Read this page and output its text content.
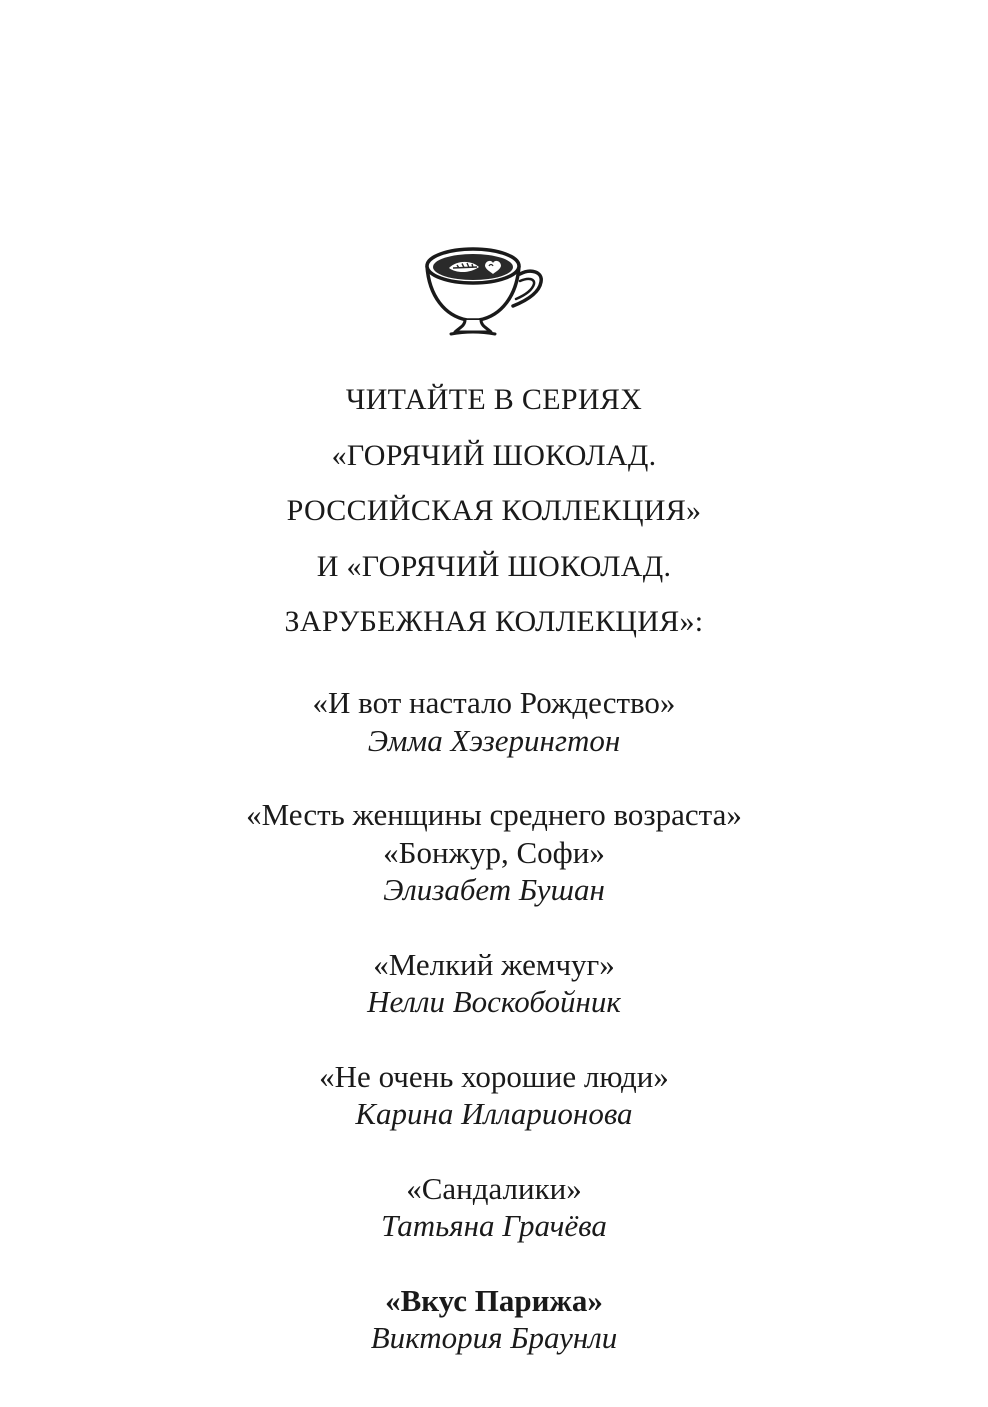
ЧИТАЙТЕ В СЕРИЯХ
«ГОРЯЧИЙ ШОКОЛАД.
РОССИЙСКАЯ КОЛЛЕКЦИЯ»
И «ГОРЯЧИЙ ШОКОЛАД.
ЗАРУБЕЖНАЯ КОЛЛЕКЦИЯ»:
«И вот настало Рождество»
Эмма Хэзерингтон
«Месть женщины среднего возраста»
«Бонжур, Софи»
Элизабет Бушан
«Мелкий жемчуг»
Нелли Воскобойник
«Не очень хорошие люди»
Карина Илларионова
«Сандалики»
Татьяна Грачёва
«Вкус Парижа»
Виктория Браунли
